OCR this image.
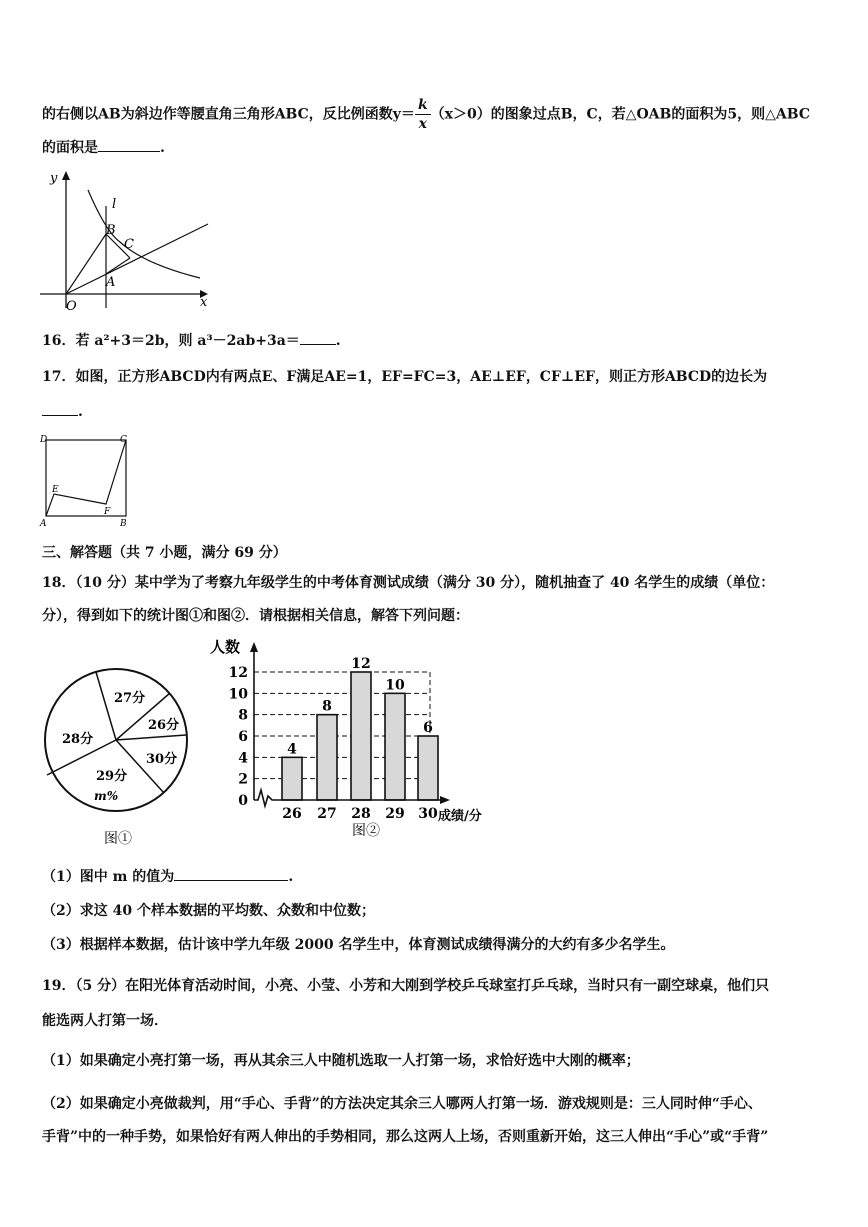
的右侧以AB为斜边作等腰直角三角形ABC，反比例函数$y= \frac{k}{x} (x>0)$的图象过点B，C，若△OAB的面积为5，则△ABC
的面积是	.
y
x
O
l
B
C
A
16．若 a²+3＝2b，则 a³－2ab+3a＝	.
17．如图，正方形ABCD内有两点E、F满足AE=1，EF=FC=3，AE⊥EF，CF⊥EF，则正方形ABCD的边长为
.
D	C
E
F
A	B
三、解答题（共 7 小题，满分 69 分）
18．（10 分）某中学为了考察九年级学生的中考体育测试成绩（满分 30 分），随机抽查了 40 名学生的成绩（单位：
分），得到如下的统计图①和图②．请根据相关信息，解答下列问题：
27分
26分
30分
29分
m%
28分
图①
4
8
12
10
6
0
2
4
6
8
10
12
26 27 28 29 30
人数
成绩/分
图②
（1）图中 m 的值为	.
（2）求这 40 个样本数据的平均数、众数和中位数；
（3）根据样本数据，估计该中学九年级 2000 名学生中，体育测试成绩得满分的大约有多少名学生。
19．（5 分）在阳光体育活动时间，小亮、小莹、小芳和大刚到学校乒乓球室打乒乓球，当时只有一副空球桌，他们只
能选两人打第一场．
（1）如果确定小亮打第一场，再从其余三人中随机选取一人打第一场，求恰好选中大刚的概率；
（2）如果确定小亮做裁判，用“手心、手背”的方法决定其余三人哪两人打第一场．游戏规则是：三人同时伸“手心、
手背”中的一种手势，如果恰好有两人伸出的手势相同，那么这两人上场，否则重新开始，这三人伸出“手心”或“手背”
